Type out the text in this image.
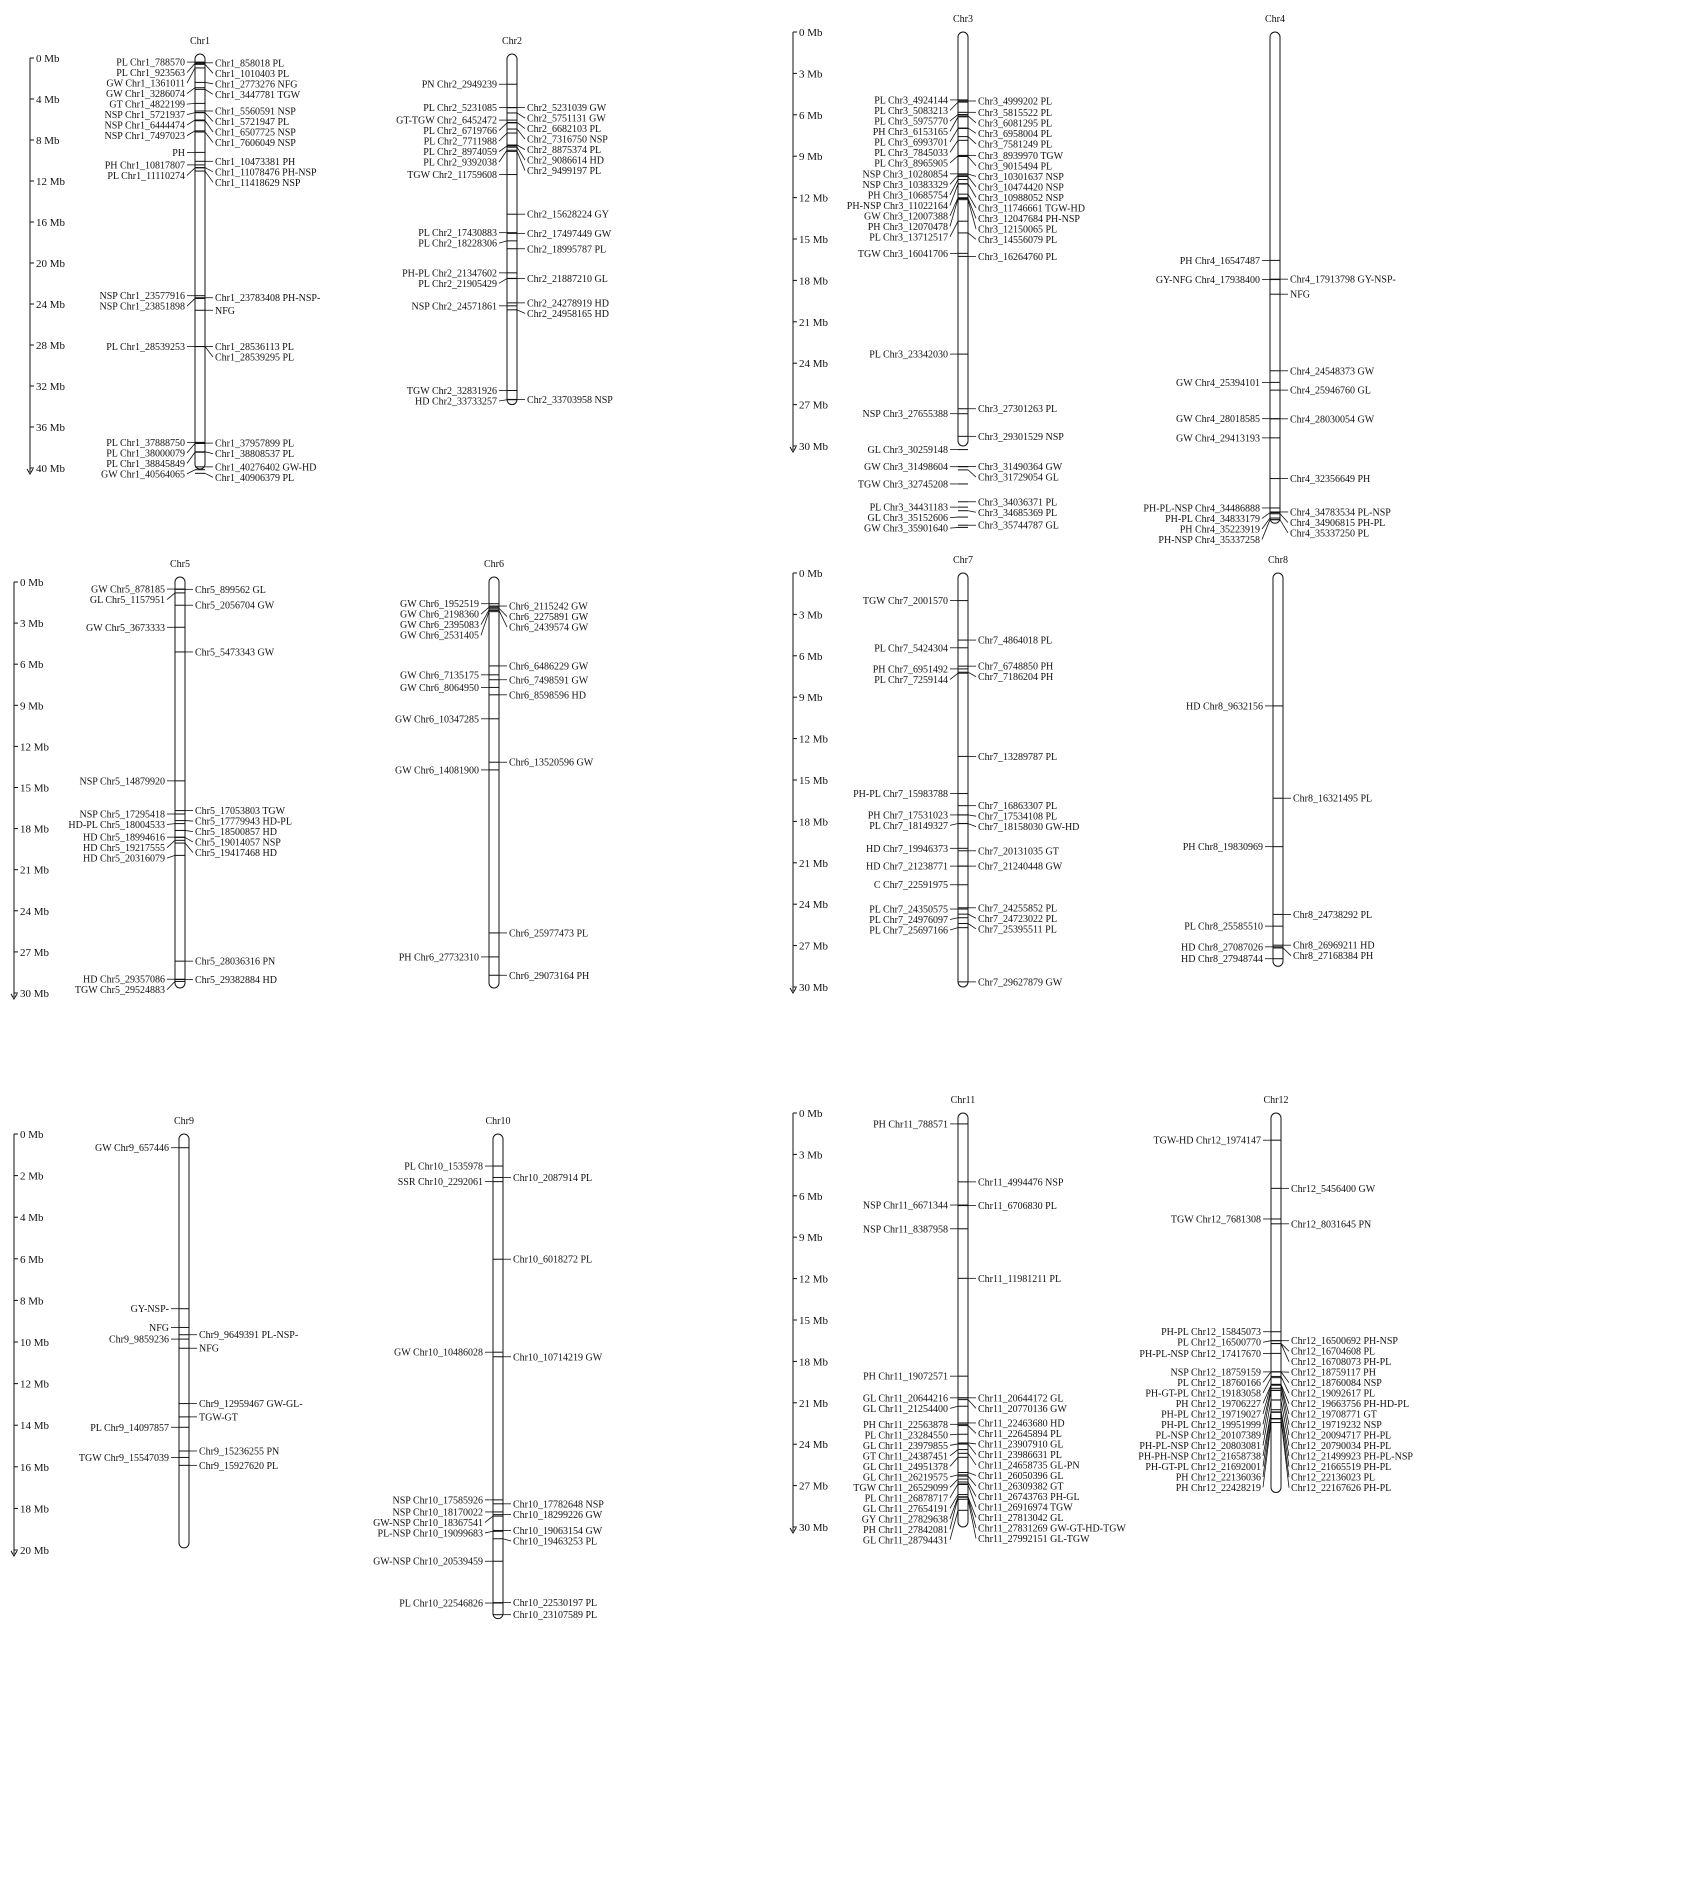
0 Mb
4 Mb
8 Mb
12 Mb
16 Mb
20 Mb
24 Mb
28 Mb
32 Mb
36 Mb
40 Mb
0 Mb
3 Mb
6 Mb
9 Mb
12 Mb
15 Mb
18 Mb
21 Mb
24 Mb
27 Mb
30 Mb
0 Mb
3 Mb
6 Mb
9 Mb
12 Mb
15 Mb
18 Mb
21 Mb
24 Mb
27 Mb
30 Mb
0 Mb
3 Mb
6 Mb
9 Mb
12 Mb
15 Mb
18 Mb
21 Mb
24 Mb
27 Mb
30 Mb
0 Mb
2 Mb
4 Mb
6 Mb
8 Mb
10 Mb
12 Mb
14 Mb
16 Mb
18 Mb
20 Mb
0 Mb
3 Mb
6 Mb
9 Mb
12 Mb
15 Mb
18 Mb
21 Mb
24 Mb
27 Mb
30 Mb
Chr1
PL Chr1_788570
PL Chr1_923563
GW Chr1_1361011
GW Chr1_3286074
GT Chr1_4822199
NSP Chr1_5721937
NSP Chr1_6444474
NSP Chr1_7497023
PH
PH Chr1_10817807
PL Chr1_11110274
NSP Chr1_23577916
NSP Chr1_23851898
PL Chr1_28539253
PL Chr1_37888750
PL Chr1_38000079
PL Chr1_38845849
GW Chr1_40564065
Chr1_858018 PL
Chr1_1010403 PL
Chr1_2773276 NFG
Chr1_3447781 TGW
Chr1_5560591 NSP
Chr1_5721947 PL
Chr1_6507725 NSP
Chr1_7606049 NSP
Chr1_10473381 PH
Chr1_11078476 PH-NSP
Chr1_11418629 NSP
Chr1_23783408 PH-NSP-
NFG
Chr1_28536113 PL
Chr1_28539295 PL
Chr1_37957899 PL
Chr1_38808537 PL
Chr1_40276402 GW-HD
Chr1_40906379 PL
Chr2
PN Chr2_2949239
PL Chr2_5231085
GT-TGW Chr2_6452472
PL Chr2_6719766
PL Chr2_7711988
PL Chr2_8974059
PL Chr2_9392038
TGW Chr2_11759608
PL Chr2_17430883
PL Chr2_18228306
PH-PL Chr2_21347602
PL Chr2_21905429
NSP Chr2_24571861
TGW Chr2_32831926
HD Chr2_33733257
Chr2_5231039 GW
Chr2_5751131 GW
Chr2_6682103 PL
Chr2_7316750 NSP
Chr2_8875374 PL
Chr2_9086614 HD
Chr2_9499197 PL
Chr2_15628224 GY
Chr2_17497449 GW
Chr2_18995787 PL
Chr2_21887210 GL
Chr2_24278919 HD
Chr2_24958165 HD
Chr2_33703958 NSP
Chr3
PL Chr3_4924144
PL Chr3_5083213
PL Chr3_5975770
PH Chr3_6153165
PL Chr3_6993701
PL Chr3_7845033
PL Chr3_8965905
NSP Chr3_10280854
NSP Chr3_10383329
PH Chr3_10685754
PH-NSP Chr3_11022164
GW Chr3_12007388
PH Chr3_12070478
PL Chr3_13712517
TGW Chr3_16041706
PL Chr3_23342030
NSP Chr3_27655388
GL Chr3_30259148
GW Chr3_31498604
TGW Chr3_32745208
PL Chr3_34431183
GL Chr3_35152606
GW Chr3_35901640
Chr3_4999202 PL
Chr3_5815522 PL
Chr3_6081295 PL
Chr3_6958004 PL
Chr3_7581249 PL
Chr3_8939970 TGW
Chr3_9015494 PL
Chr3_10301637 NSP
Chr3_10474420 NSP
Chr3_10988052 NSP
Chr3_11746661 TGW-HD
Chr3_12047684 PH-NSP
Chr3_12150065 PL
Chr3_14556079 PL
Chr3_16264760 PL
Chr3_27301263 PL
Chr3_29301529 NSP
Chr3_31490364 GW
Chr3_31729054 GL
Chr3_34036371 PL
Chr3_34685369 PL
Chr3_35744787 GL
Chr4
PH Chr4_16547487
GY-NFG Chr4_17938400
GW Chr4_25394101
GW Chr4_28018585
GW Chr4_29413193
PH-PL-NSP Chr4_34486888
PH-PL Chr4_34833179
PH Chr4_35223919
PH-NSP Chr4_35337258
Chr4_17913798 GY-NSP-
NFG
Chr4_24548373 GW
Chr4_25946760 GL
Chr4_28030054 GW
Chr4_32356649 PH
Chr4_34783534 PL-NSP
Chr4_34906815 PH-PL
Chr4_35337250 PL
Chr5
GW Chr5_878185
GL Chr5_1157951
GW Chr5_3673333
NSP Chr5_14879920
NSP Chr5_17295418
HD-PL Chr5_18004533
HD Chr5_18994616
HD Chr5_19217555
HD Chr5_20316079
HD Chr5_29357086
TGW Chr5_29524883
Chr5_899562 GL
Chr5_2056704 GW
Chr5_5473343 GW
Chr5_17053803 TGW
Chr5_17779943 HD-PL
Chr5_18500857 HD
Chr5_19014057 NSP
Chr5_19417468 HD
Chr5_28036316 PN
Chr5_29382884 HD
Chr6
GW Chr6_1952519
GW Chr6_2198360
GW Chr6_2395083
GW Chr6_2531405
GW Chr6_7135175
GW Chr6_8064950
GW Chr6_10347285
GW Chr6_14081900
PH Chr6_27732310
Chr6_2115242 GW
Chr6_2275891 GW
Chr6_2439574 GW
Chr6_6486229 GW
Chr6_7498591 GW
Chr6_8598596 HD
Chr6_13520596 GW
Chr6_25977473 PL
Chr6_29073164 PH
Chr7
TGW Chr7_2001570
PL Chr7_5424304
PH Chr7_6951492
PL Chr7_7259144
PH-PL Chr7_15983788
PH Chr7_17531023
PL Chr7_18149327
HD Chr7_19946373
HD Chr7_21238771
C Chr7_22591975
PL Chr7_24350575
PL Chr7_24976097
PL Chr7_25697166
Chr7_4864018 PL
Chr7_6748850 PH
Chr7_7186204 PH
Chr7_13289787 PL
Chr7_16863307 PL
Chr7_17534108 PL
Chr7_18158030 GW-HD
Chr7_20131035 GT
Chr7_21240448 GW
Chr7_24255852 PL
Chr7_24723022 PL
Chr7_25395511 PL
Chr7_29627879 GW
Chr8
HD Chr8_9632156
PH Chr8_19830969
PL Chr8_25585510
HD Chr8_27087026
HD Chr8_27948744
Chr8_16321495 PL
Chr8_24738292 PL
Chr8_26969211 HD
Chr8_27168384 PH
Chr9
GW Chr9_657446
GY-NSP-
Chr9_9859236
NFG
PL Chr9_14097857
TGW Chr9_15547039
Chr9_9649391 PL-NSP-
NFG
Chr9_12959467 GW-GL-
TGW-GT
Chr9_15236255 PN
Chr9_15927620 PL
Chr10
PL Chr10_1535978
SSR Chr10_2292061
GW Chr10_10486028
NSP Chr10_17585926
NSP Chr10_18170022
GW-NSP Chr10_18367541
PL-NSP Chr10_19099683
GW-NSP Chr10_20539459
PL Chr10_22546826
Chr10_2087914 PL
Chr10_6018272 PL
Chr10_10714219 GW
Chr10_17782648 NSP
Chr10_18299226 GW
Chr10_19063154 GW
Chr10_19463253 PL
Chr10_22530197 PL
Chr10_23107589 PL
Chr11
PH Chr11_788571
NSP Chr11_6671344
NSP Chr11_8387958
PH Chr11_19072571
GL Chr11_20644216
GL Chr11_21254400
PH Chr11_22563878
PL Chr11_23284550
GL Chr11_23979855
GT Chr11_24387451
GL Chr11_24951378
GL Chr11_26219575
TGW Chr11_26529099
PL Chr11_26878717
GL Chr11_27654191
GY Chr11_27829638
PH Chr11_27842081
GL Chr11_28794431
Chr11_4994476 NSP
Chr11_6706830 PL
Chr11_11981211 PL
Chr11_20644172 GL
Chr11_20770136 GW
Chr11_22463680 HD
Chr11_22645894 PL
Chr11_23907910 GL
Chr11_23986631 PL
Chr11_24658735 GL-PN
Chr11_26050396 GL
Chr11_26309382 GT
Chr11_26743763 PH-GL
Chr11_26916974 TGW
Chr11_27813042 GL
Chr11_27831269 GW-GT-HD-TGW
Chr11_27992151 GL-TGW
Chr12
TGW-HD Chr12_1974147
TGW Chr12_7681308
PH-PL Chr12_15845073
PL Chr12_16500770
PH-PL-NSP Chr12_17417670
NSP Chr12_18759159
PL Chr12_18760166
PH-GT-PL Chr12_19183058
PH Chr12_19706227
PH-PL Chr12_19719027
PH-PL Chr12_19951999
PL-NSP Chr12_20107389
PH-PL-NSP Chr12_20803081
PH-PH-NSP Chr12_21658738
PH-GT-PL Chr12_21692001
PH Chr12_22136036
PH Chr12_22428219
Chr12_5456400 GW
Chr12_8031645 PN
Chr12_16500692 PH-NSP
Chr12_16704608 PL
Chr12_16708073 PH-PL
Chr12_18759117 PH
Chr12_18760084 NSP
Chr12_19092617 PL
Chr12_19663756 PH-HD-PL
Chr12_19708771 GT
Chr12_19719232 NSP
Chr12_20094717 PH-PL
Chr12_20790034 PH-PL
Chr12_21499923 PH-PL-NSP
Chr12_21665519 PH-PL
Chr12_22136023 PL
Chr12_22167626 PH-PL
